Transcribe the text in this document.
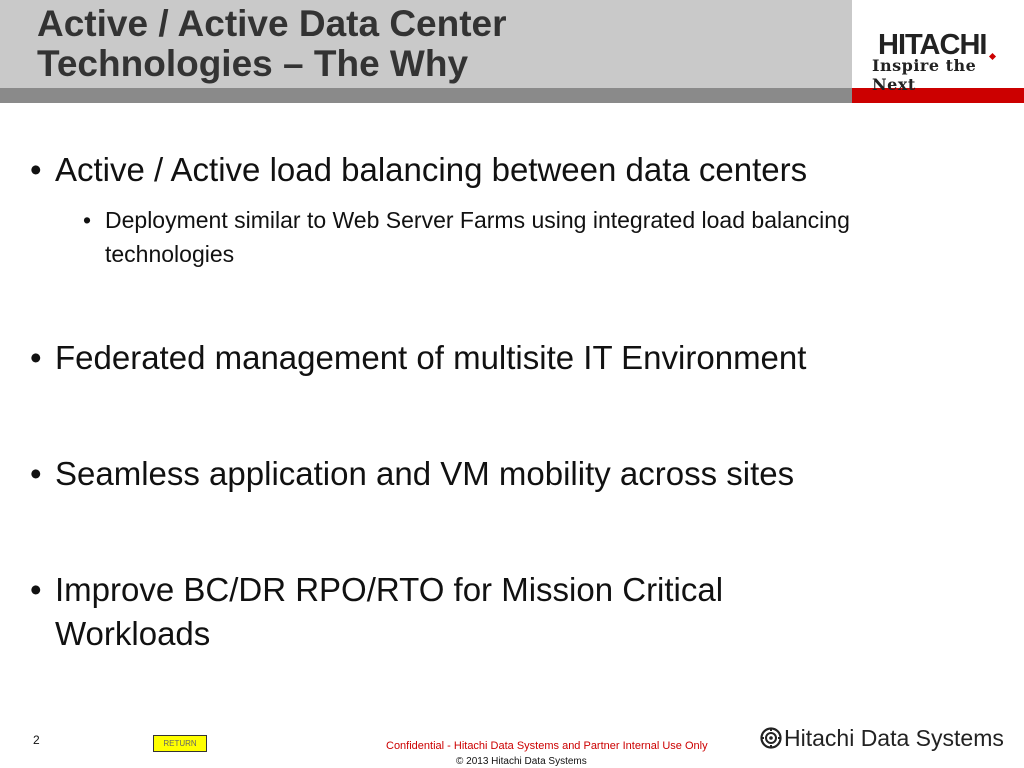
Active / Active Data Center
Technologies – The Why	HITACHI
Inspire the Next
• Active / Active load balancing between data centers
• Deployment similar to Web Server Farms using integrated load balancing technologies
• Federated management of multisite IT Environment
• Seamless application and VM mobility across sites
• Improve BC/DR RPO/RTO for Mission Critical Workloads
2	RETURN	Confidential - Hitachi Data Systems and Partner Internal Use Only
© 2013 Hitachi Data Systems
Hitachi Data Systems
